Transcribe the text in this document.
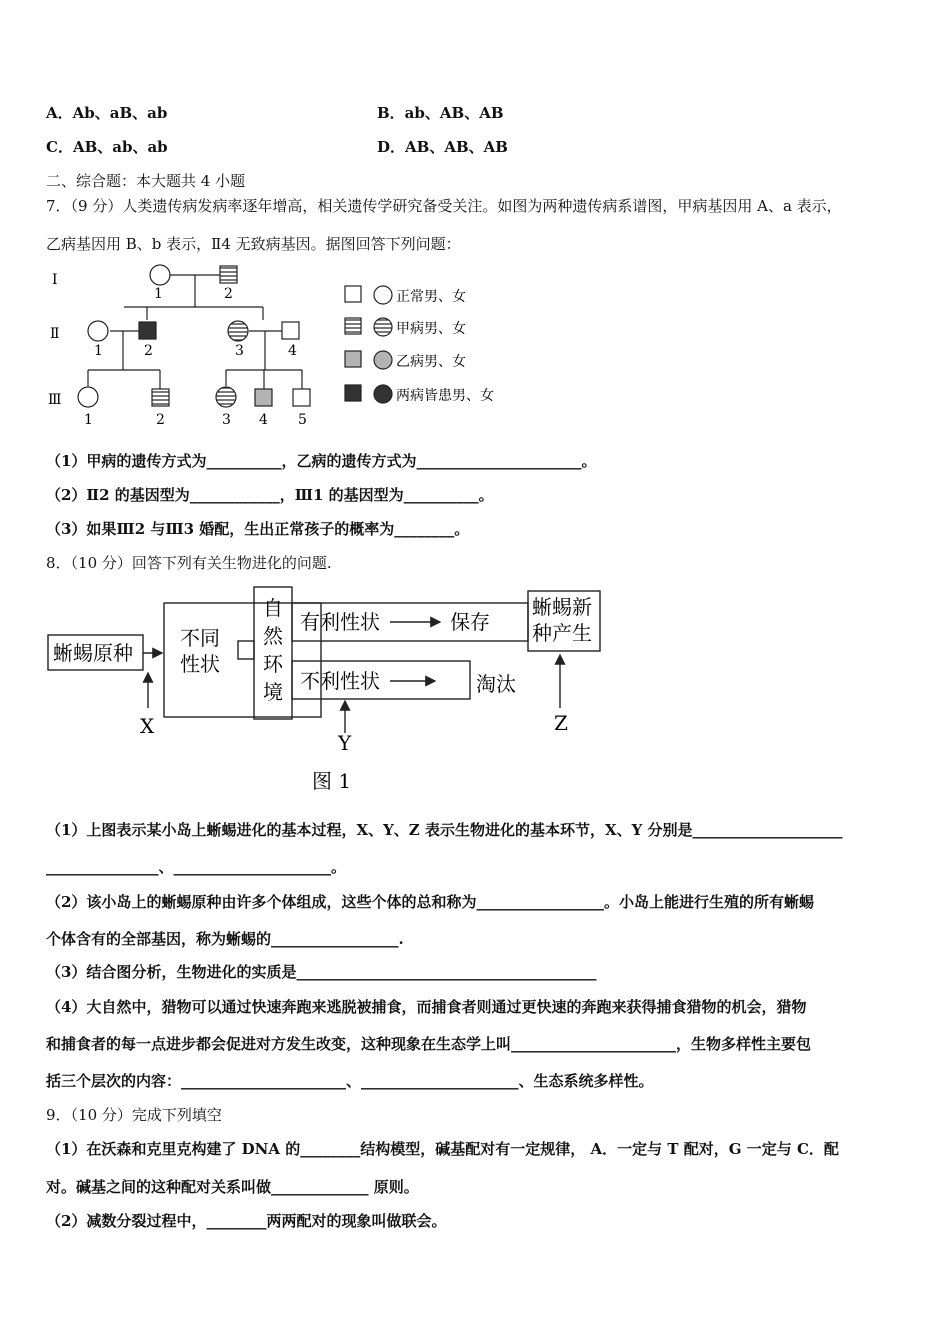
A．Ab、aB、ab	B．ab、AB、AB
C．AB、ab、ab	D．AB、AB、AB
二、综合题：本大题共 4 小题
7．（9 分）人类遗传病发病率逐年增高，相关遗传学研究备受关注。如图为两种遗传病系谱图，甲病基因用 A、a 表示，
乙病基因用 B、b 表示，Ⅱ4 无致病基因。据图回答下列问题：
Ⅰ
Ⅱ
Ⅲ
1	2
1	2	3	4
1	2	3 4 5
正常男、女
甲病男、女
乙病男、女
两病皆患男、女
（1）甲病的遗传方式为__________，乙病的遗传方式为______________________。
（2）Ⅱ2 的基因型为____________，Ⅲ1 的基因型为__________。
（3）如果Ⅲ2 与Ⅲ3 婚配，生出正常孩子的概率为________。
8．（10 分）回答下列有关生物进化的问题.
蜥蜴原种
不同
性状
自
然
环
境
有利性状	保存
不利性状	淘汰
蜥蜴新
种产生
X
Y
Z
图 1
（1）上图表示某小岛上蜥蜴进化的基本过程，X、Y、Z 表示生物进化的基本环节，X、Y 分别是____________________
_______________、_____________________。
（2）该小岛上的蜥蜴原种由许多个体组成，这些个体的总和称为_________________。小岛上能进行生殖的所有蜥蜴
个体含有的全部基因，称为蜥蜴的_________________.
（3）结合图分析，生物进化的实质是________________________________________
（4）大自然中，猎物可以通过快速奔跑来逃脱被捕食，而捕食者则通过更快速的奔跑来获得捕食猎物的机会，猎物
和捕食者的每一点进步都会促进对方发生改变，这种现象在生态学上叫______________________，生物多样性主要包
括三个层次的内容：______________________、_____________________、生态系统多样性。
9．（10 分）完成下列填空
（1）在沃森和克里克构建了 DNA 的________结构模型，碱基配对有一定规律， A．一定与 T 配对，G 一定与 C．配
对。碱基之间的这种配对关系叫做_____________ 原则。
（2）减数分裂过程中，________两两配对的现象叫做联会。
